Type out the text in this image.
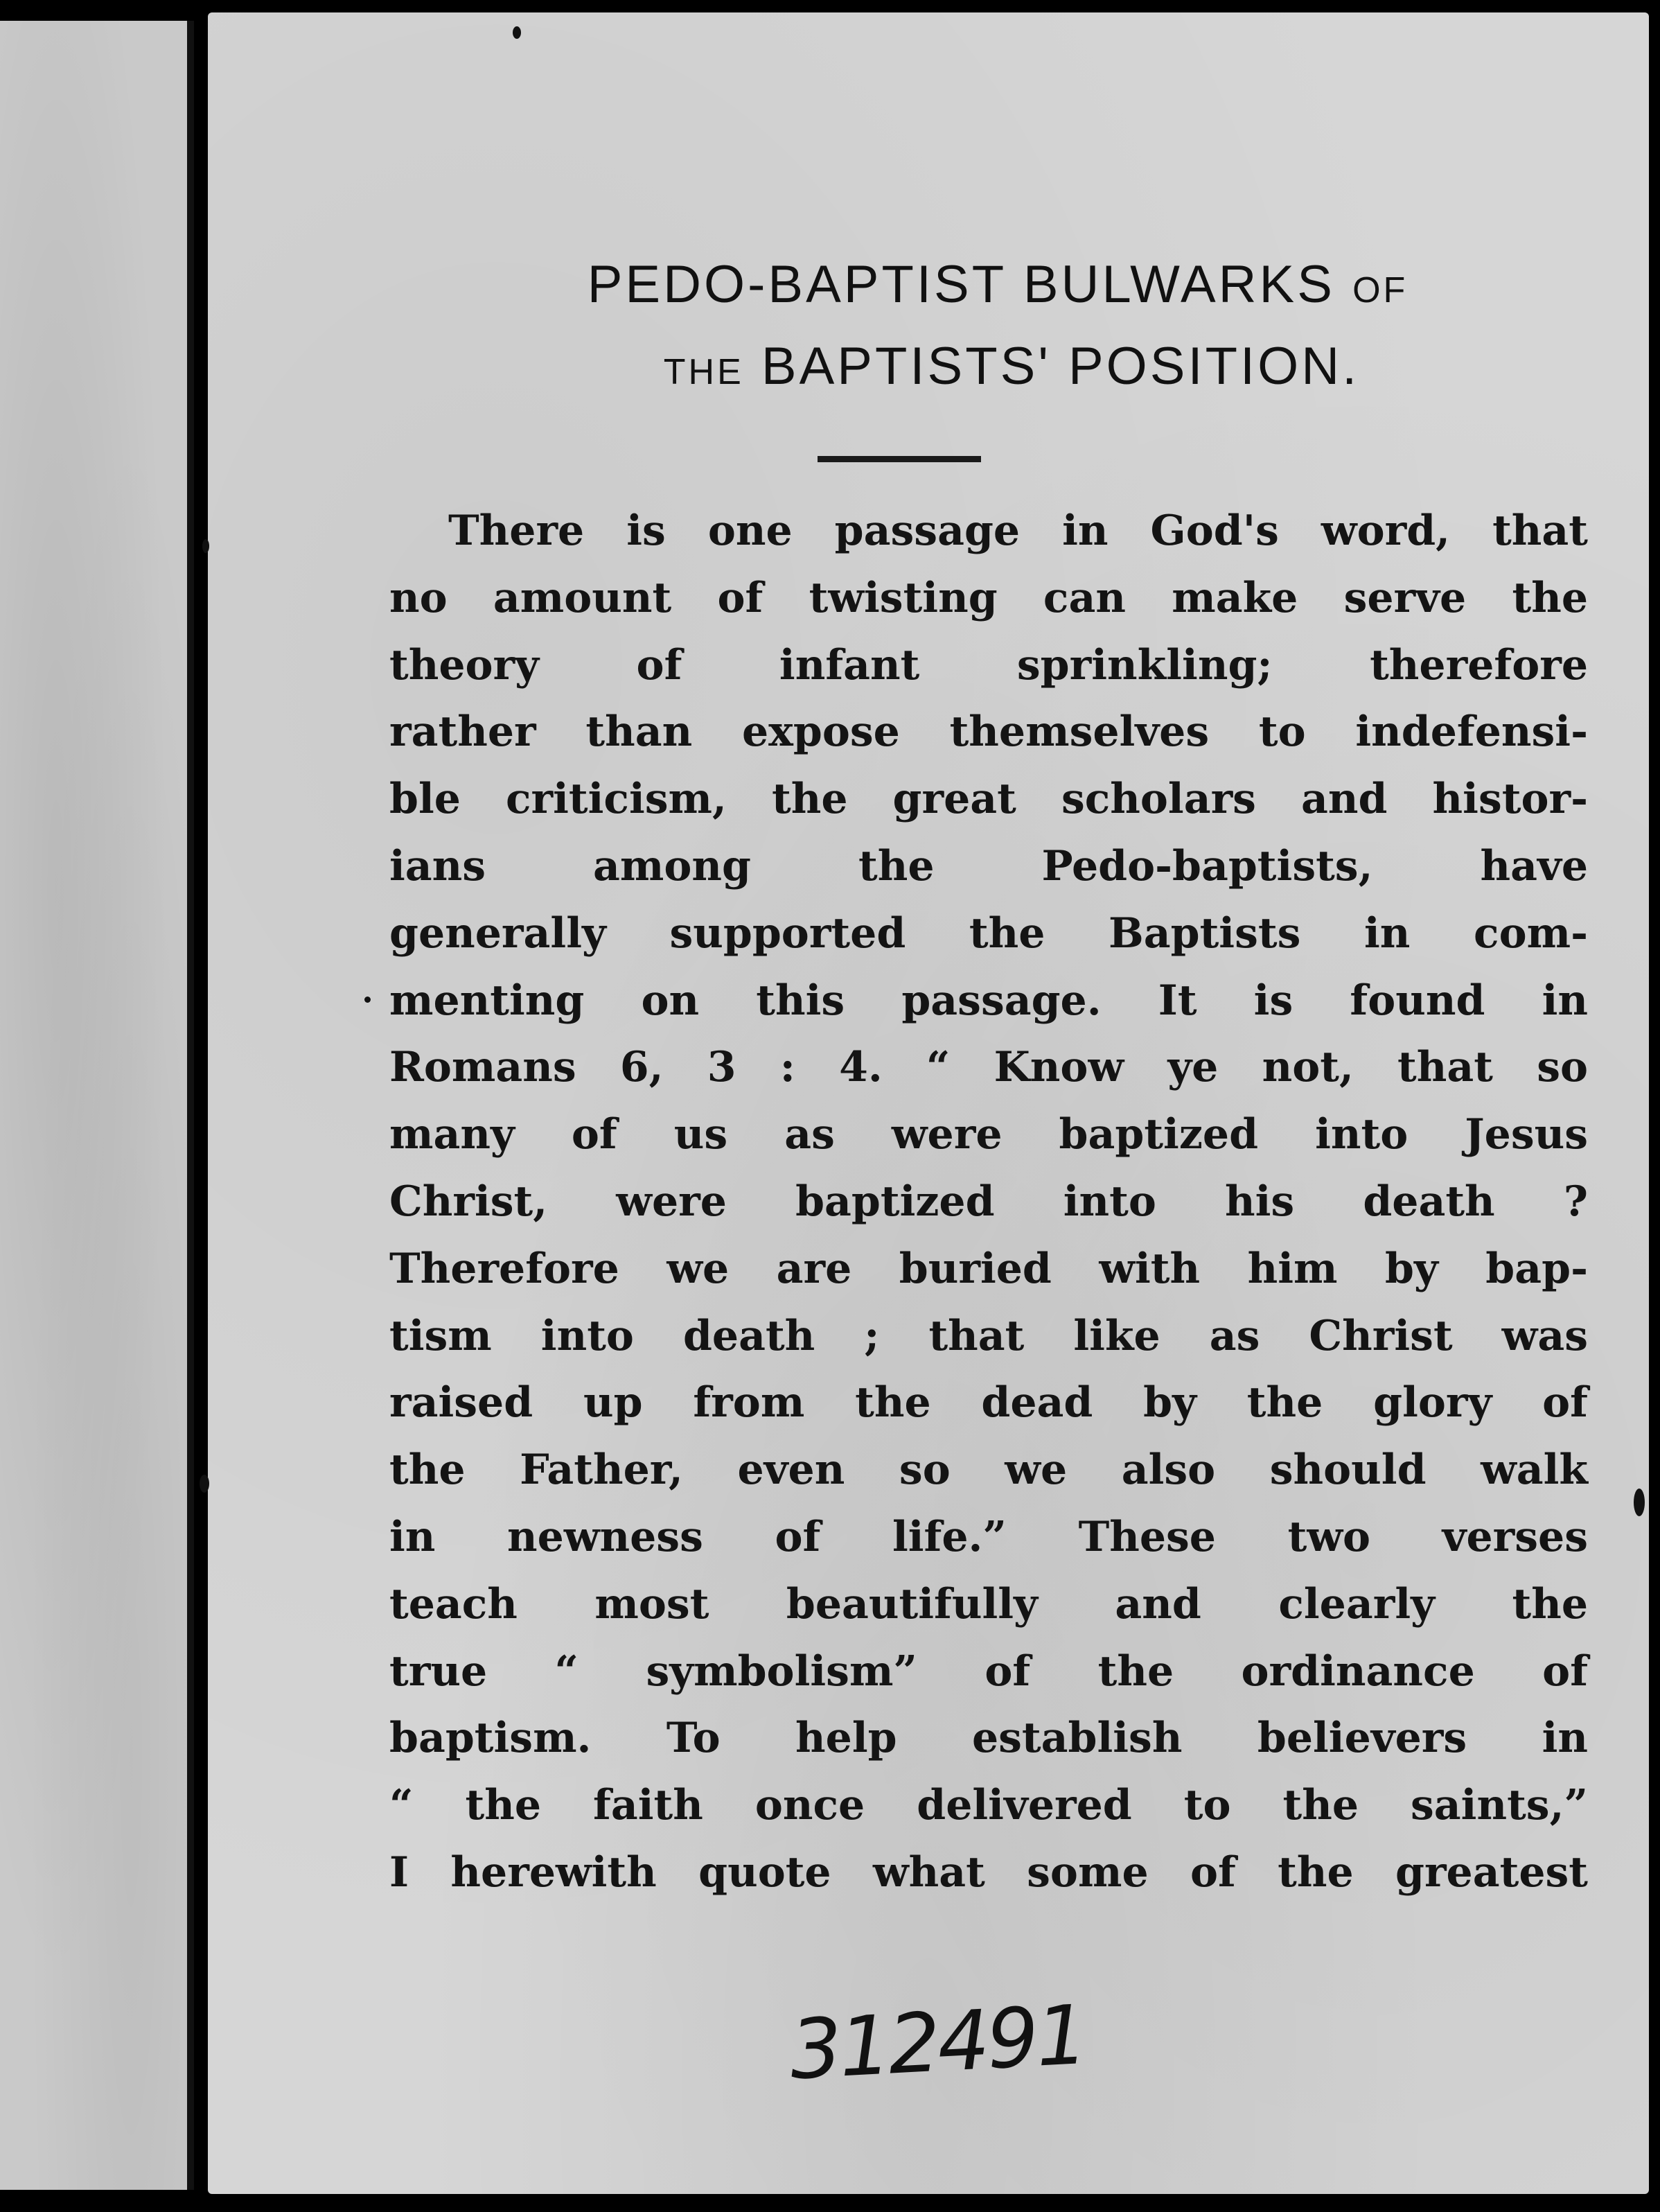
PEDO-BAPTIST BULWARKS OF
THE BAPTISTS' POSITION.
There is one passage in God's word, that
no amount of twisting can make serve the
theory of infant sprinkling; therefore
rather than expose themselves to indefensi-
ble criticism, the great scholars and histor-
ians among the Pedo-baptists, have
generally supported the Baptists in com-
menting on this passage. It is found in
Romans 6, 3 : 4. “ Know ye not, that so
many of us as were baptized into Jesus
Christ, were baptized into his death ?
Therefore we are buried with him by bap-
tism into death ; that like as Christ was
raised up from the dead by the glory of
the Father, even so we also should walk
in newness of life.” These two verses
teach most beautifully and clearly the
true “ symbolism” of the ordinance of
baptism. To help establish believers in
“ the faith once delivered to the saints,”
I herewith quote what some of the greatest
312491
